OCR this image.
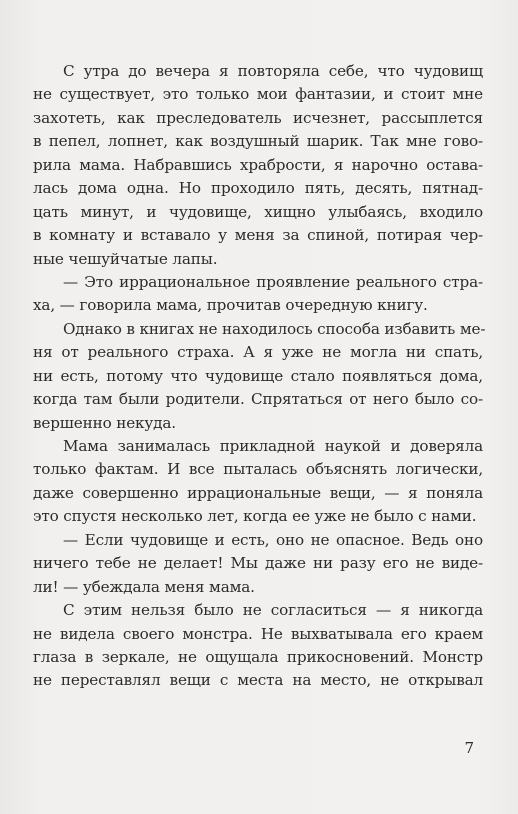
С утра до вечера я повторяла себе, что чудовищ
не существует, это только мои фантазии, и стоит мне
захотеть, как преследователь исчезнет, рассыплется
в пепел, лопнет, как воздушный шарик. Так мне гово-
рила мама. Набравшись храбрости, я нарочно остава-
лась дома одна. Но проходило пять, десять, пятнад-
цать минут, и чудовище, хищно улыбаясь, входило
в комнату и вставало у меня за спиной, потирая чер-
ные чешуйчатые лапы.
— Это иррациональное проявление реального стра-
ха, — говорила мама, прочитав очередную книгу.
Однако в книгах не находилось способа избавить ме-
ня от реального страха. А я уже не могла ни спать,
ни есть, потому что чудовище стало появляться дома,
когда там были родители. Спрятаться от него было со-
вершенно некуда.
Мама занималась прикладной наукой и доверяла
только фактам. И все пыталась объяснять логически,
даже совершенно иррациональные вещи, — я поняла
это спустя несколько лет, когда ее уже не было с нами.
— Если чудовище и есть, оно не опасное. Ведь оно
ничего тебе не делает! Мы даже ни разу его не виде-
ли! — убеждала меня мама.
С этим нельзя было не согласиться — я никогда
не видела своего монстра. Не выхватывала его краем
глаза в зеркале, не ощущала прикосновений. Монстр
не переставлял вещи с места на место, не открывал
7
